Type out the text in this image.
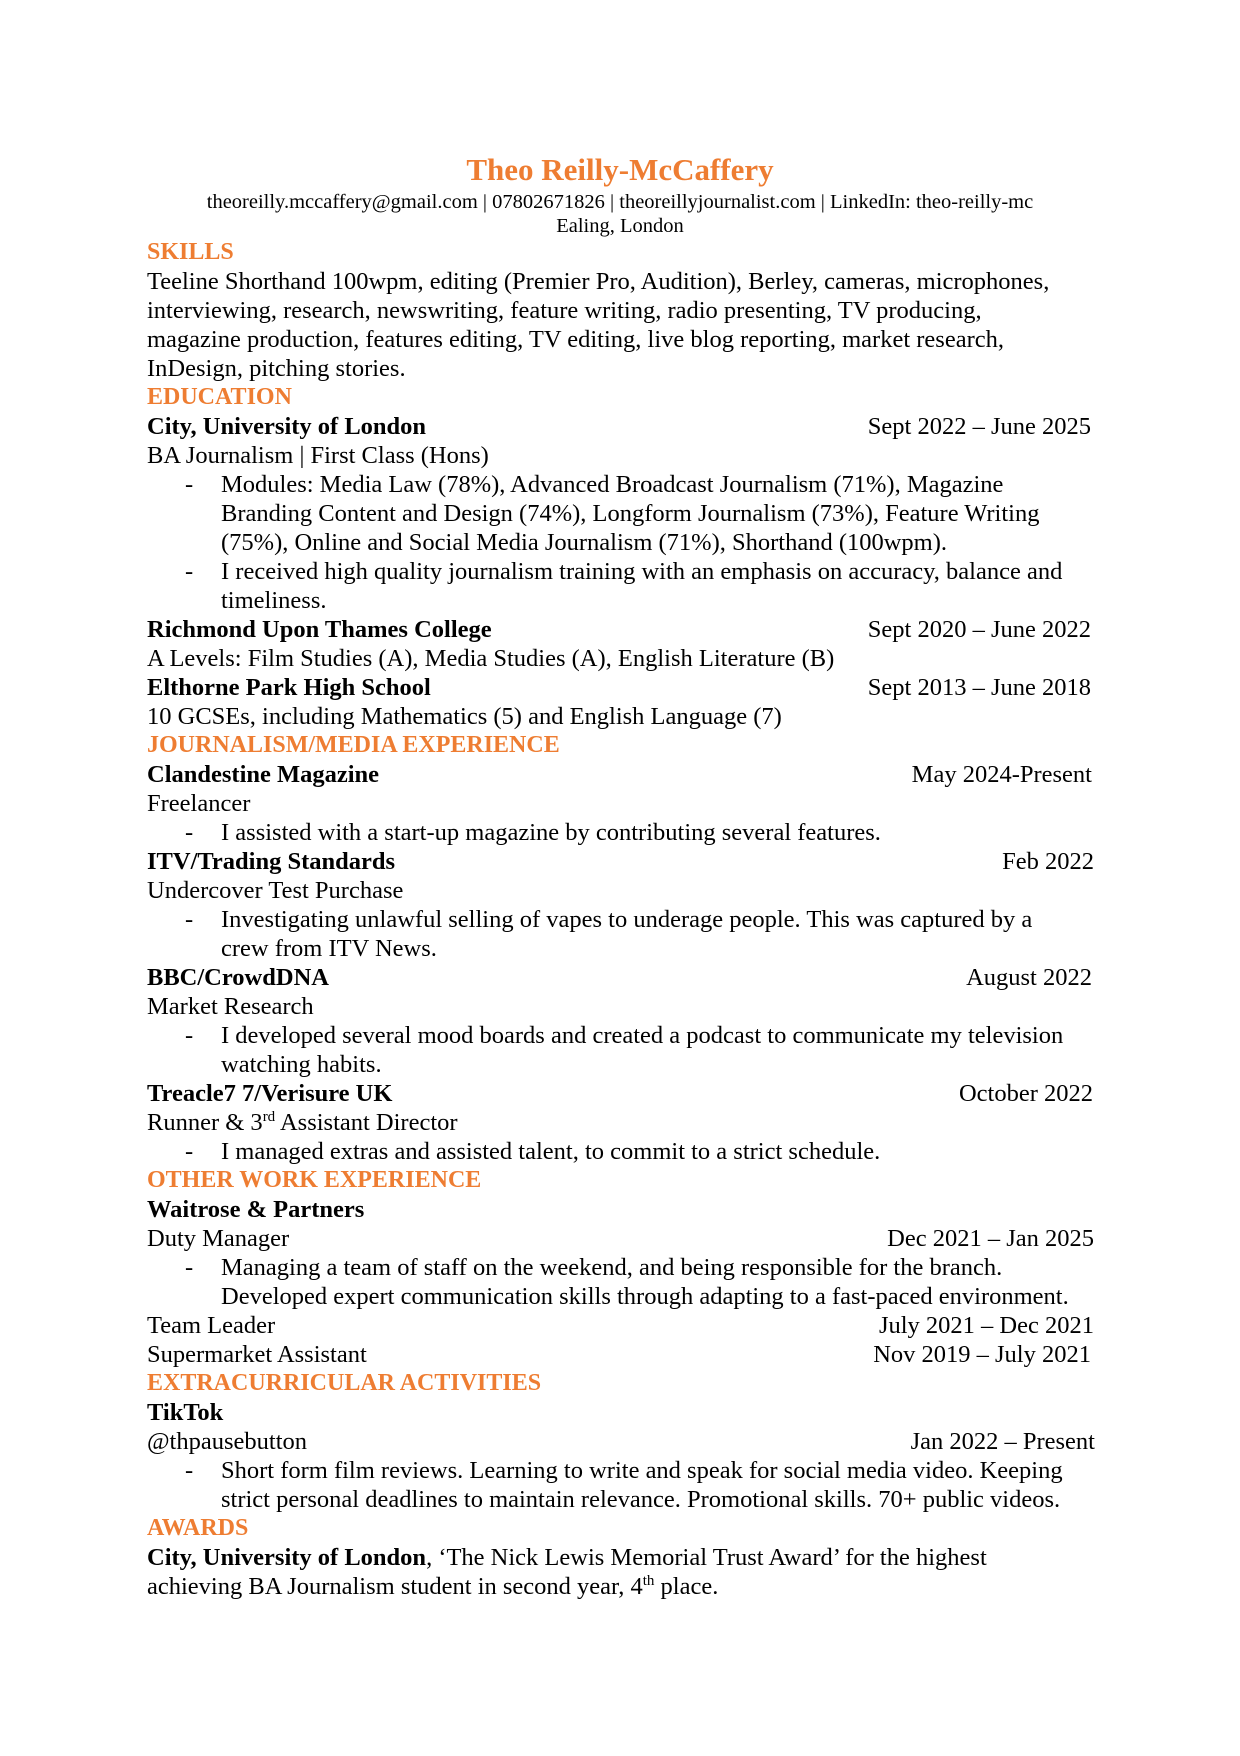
Theo Reilly-McCaffery
theoreilly.mccaffery@gmail.com | 07802671826 | theoreillyjournalist.com | LinkedIn: theo-reilly-mc
Ealing, London
SKILLS
Teeline Shorthand 100wpm, editing (Premier Pro, Audition), Berley, cameras, microphones,
interviewing, research, newswriting, feature writing, radio presenting, TV producing,
magazine production, features editing, TV editing, live blog reporting, market research,
InDesign, pitching stories.
EDUCATION
City, University of London	Sept 2022 – June 2025
BA Journalism | First Class (Hons)
- Modules: Media Law (78%), Advanced Broadcast Journalism (71%), Magazine
Branding Content and Design (74%), Longform Journalism (73%), Feature Writing
(75%), Online and Social Media Journalism (71%), Shorthand (100wpm).
- I received high quality journalism training with an emphasis on accuracy, balance and
timeliness.
Richmond Upon Thames College	Sept 2020 – June 2022
A Levels: Film Studies (A), Media Studies (A), English Literature (B)
Elthorne Park High School	Sept 2013 – June 2018
10 GCSEs, including Mathematics (5) and English Language (7)
JOURNALISM/MEDIA EXPERIENCE
Clandestine Magazine	May 2024-Present
Freelancer
- I assisted with a start-up magazine by contributing several features.
ITV/Trading Standards	Feb 2022
Undercover Test Purchase
- Investigating unlawful selling of vapes to underage people. This was captured by a
crew from ITV News.
BBC/CrowdDNA	August 2022
Market Research
- I developed several mood boards and created a podcast to communicate my television
watching habits.
Treacle7 7/Verisure UK	October 2022
Runner & 3rd Assistant Director
- I managed extras and assisted talent, to commit to a strict schedule.
OTHER WORK EXPERIENCE
Waitrose & Partners
Duty Manager	Dec 2021 – Jan 2025
- Managing a team of staff on the weekend, and being responsible for the branch.
Developed expert communication skills through adapting to a fast-paced environment.
Team Leader	July 2021 – Dec 2021
Supermarket Assistant	Nov 2019 – July 2021
EXTRACURRICULAR ACTIVITIES
TikTok
@thpausebutton	Jan 2022 – Present
- Short form film reviews. Learning to write and speak for social media video. Keeping
strict personal deadlines to maintain relevance. Promotional skills. 70+ public videos.
AWARDS
City, University of London, ‘The Nick Lewis Memorial Trust Award’ for the highest
achieving BA Journalism student in second year, 4th place.
